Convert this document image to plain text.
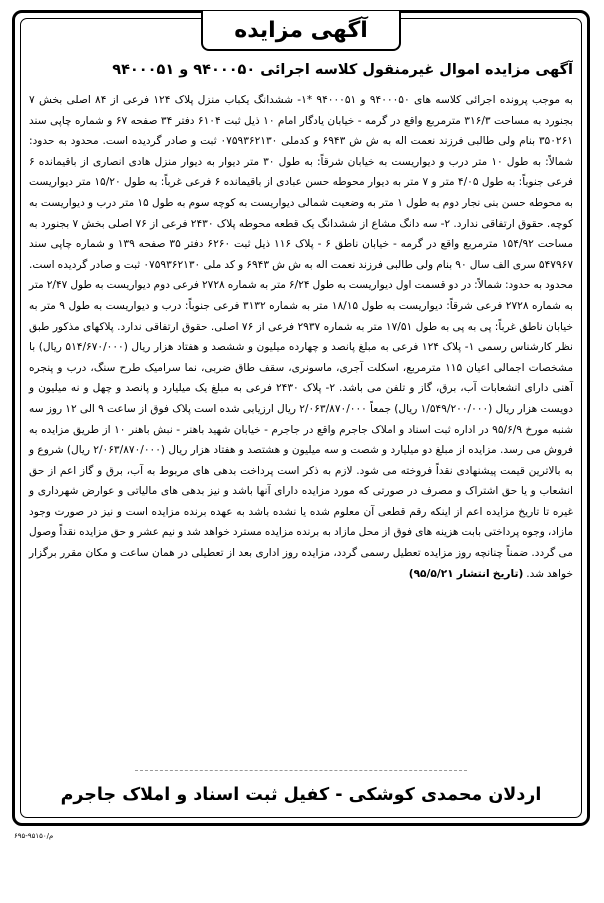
آگهی مزایده
آگهی مزایده اموال غیرمنقول کلاسه اجرائی ۹۴۰۰۰۵۰ و ۹۴۰۰۰۵۱
به موجب پرونده اجرائی کلاسه های ۹۴۰۰۰۵۰ و ۹۴۰۰۰۵۱ *۱- ششدانگ یکباب منزل پلاک ۱۲۴ فرعی از ۸۴ اصلی بخش ۷ بجنورد به مساحت ۳۱۶/۳ مترمربع واقع در گرمه - خیابان یادگار امام ۱۰ ذیل ثبت ۶۱۰۴ دفتر ۳۴ صفحه ۶۷ و شماره چاپی سند ۳۵۰۲۶۱ بنام ولی طالبی فرزند نعمت اله به ش ش ۶۹۴۳ و کدملی ۰۷۵۹۳۶۲۱۳۰ ثبت و صادر گردیده است. محدود به حدود: شمالاً: به طول ۱۰ متر درب و دیواریست به خیابان شرقاً: به طول ۳۰ متر دیوار به دیوار منزل هادی انصاری از باقیمانده ۶ فرعی جنوباً: به طول ۴/۰۵ متر و ۷ متر به دیوار محوطه حسن عبادی از باقیمانده ۶ فرعی غرباً: به طول ۱۵/۲۰ متر دیواریست به محوطه حسن بنی نجار دوم به طول ۱ متر به وضعیت شمالی دیواریست به کوچه سوم به طول ۱۵ متر درب و دیواریست به کوچه. حقوق ارتفاقی ندارد. ۲- سه دانگ مشاع از ششدانگ یک قطعه محوطه پلاک ۲۴۳۰ فرعی از ۷۶ اصلی بخش ۷ بجنورد به مساحت ۱۵۴/۹۲ مترمربع واقع در گرمه - خیابان ناطق ۶ - پلاک ۱۱۶ ذیل ثبت ۶۲۶۰ دفتر ۳۵ صفحه ۱۳۹ و شماره چاپی سند ۵۴۷۹۶۷ سری الف سال ۹۰ بنام ولی طالبی فرزند نعمت اله به ش ش ۶۹۴۳ و کد ملی ۰۷۵۹۳۶۲۱۳۰ ثبت و صادر گردیده است. محدود به حدود: شمالاً: در دو قسمت اول دیواریست به طول ۶/۲۴ متر به شماره ۲۷۲۸ فرعی دوم دیواریست به طول ۲/۴۷ متر به شماره ۲۷۲۸ فرعی شرقاً: دیواریست به طول ۱۸/۱۵ متر به شماره ۳۱۳۲ فرعی جنوباً: درب و دیواریست به طول ۹ متر به خیابان ناطق غرباً: پی به پی به طول ۱۷/۵۱ متر به شماره ۲۹۳۷ فرعی از ۷۶ اصلی. حقوق ارتفاقی ندارد. پلاکهای مذکور طبق نظر کارشناس رسمی ۱- پلاک ۱۲۴ فرعی به مبلغ پانصد و چهارده میلیون و ششصد و هفتاد هزار ریال (۵۱۴/۶۷۰/۰۰۰ ریال) با مشخصات اجمالی اعیان ۱۱۵ مترمربع، اسکلت آجری، ماسونری، سقف طاق ضربی، نما سرامیک طرح سنگ، درب و پنجره آهنی دارای انشعابات آب، برق، گاز و تلفن می باشد. ۲- پلاک ۲۴۳۰ فرعی به مبلغ یک میلیارد و پانصد و چهل و نه میلیون و دویست هزار ریال (۱/۵۴۹/۲۰۰/۰۰۰ ریال) جمعاً ۲/۰۶۳/۸۷۰/۰۰۰ ریال ارزیابی شده است پلاک فوق از ساعت ۹ الی ۱۲ روز سه شنبه مورخ ۹۵/۶/۹ در اداره ثبت اسناد و املاک جاجرم واقع در جاجرم - خیابان شهید باهنر - نبش باهنر ۱۰ از طریق مزایده به فروش می رسد. مزایده از مبلغ دو میلیارد و شصت و سه میلیون و هشتصد و هفتاد هزار ریال (۲/۰۶۳/۸۷۰/۰۰۰ ریال) شروع و به بالاترین قیمت پیشنهادی نقداً فروخته می شود. لازم به ذکر است پرداخت بدهی های مربوط به آب، برق و گاز اعم از حق انشعاب و یا حق اشتراک و مصرف در صورتی که مورد مزایده دارای آنها باشد و نیز بدهی های مالیاتی و عوارض شهرداری و غیره تا تاریخ مزایده اعم از اینکه رقم قطعی آن معلوم شده یا نشده باشد به عهده برنده مزایده است و نیز در صورت وجود مازاد، وجوه پرداختی بابت هزینه های فوق از محل مازاد به برنده مزایده مسترد خواهد شد و نیم عشر و حق مزایده نقداً وصول می گردد. ضمناً چنانچه روز مزایده تعطیل رسمی گردد، مزایده روز اداری بعد از تعطیلی در همان ساعت و مکان مقرر برگزار خواهد شد. (تاریخ انتشار ۹۵/۵/۲۱)
اردلان محمدی کوشکی - کفیل ثبت اسناد و املاک جاجرم
م/۹۵۱۵۰-۶۹۵
